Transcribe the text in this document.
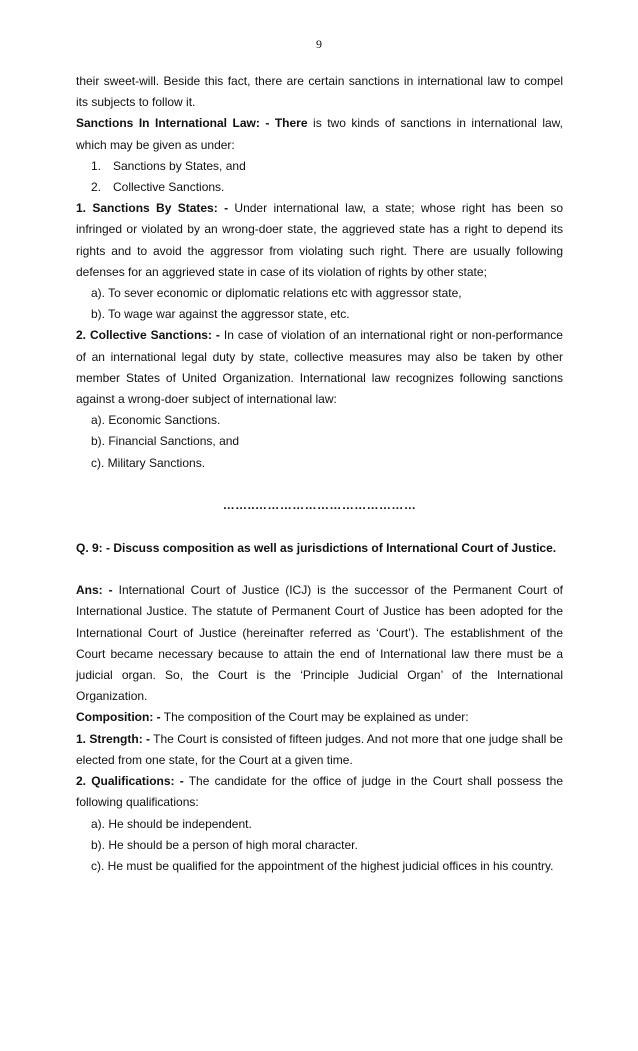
9

their sweet-will. Beside this fact, there are certain sanctions in international law to compel its subjects to follow it.

Sanctions In International Law: - There is two kinds of sanctions in international law, which may be given as under:

1. Sanctions by States, and

2. Collective Sanctions.

1. Sanctions By States: - Under international law, a state; whose right has been so infringed or violated by an wrong-doer state, the aggrieved state has a right to depend its rights and to avoid the aggressor from violating such right. There are usually following defenses for an aggrieved state in case of its violation of rights by other state;

a). To sever economic or diplomatic relations etc with aggressor state,

b). To wage war against the aggressor state, etc.

2. Collective Sanctions: - In case of violation of an international right or non-performance of an international legal duty by state, collective measures may also be taken by other member States of United Organization. International law recognizes following sanctions against a wrong-doer subject of international law:

a). Economic Sanctions.

b). Financial Sanctions, and

c). Military Sanctions.

……..…………………………………

Q. 9: - Discuss composition as well as jurisdictions of International Court of Justice.

Ans: - International Court of Justice (ICJ) is the successor of the Permanent Court of International Justice. The statute of Permanent Court of Justice has been adopted for the International Court of Justice (hereinafter referred as ‘Court’). The establishment of the Court became necessary because to attain the end of International law there must be a judicial organ. So, the Court is the ‘Principle Judicial Organ’ of the International Organization.

Composition: - The composition of the Court may be explained as under:

1. Strength: - The Court is consisted of fifteen judges. And not more that one judge shall be elected from one state, for the Court at a given time.

2. Qualifications: - The candidate for the office of judge in the Court shall possess the following qualifications:

a). He should be independent.

b). He should be a person of high moral character.

c). He must be qualified for the appointment of the highest judicial offices in his country.
